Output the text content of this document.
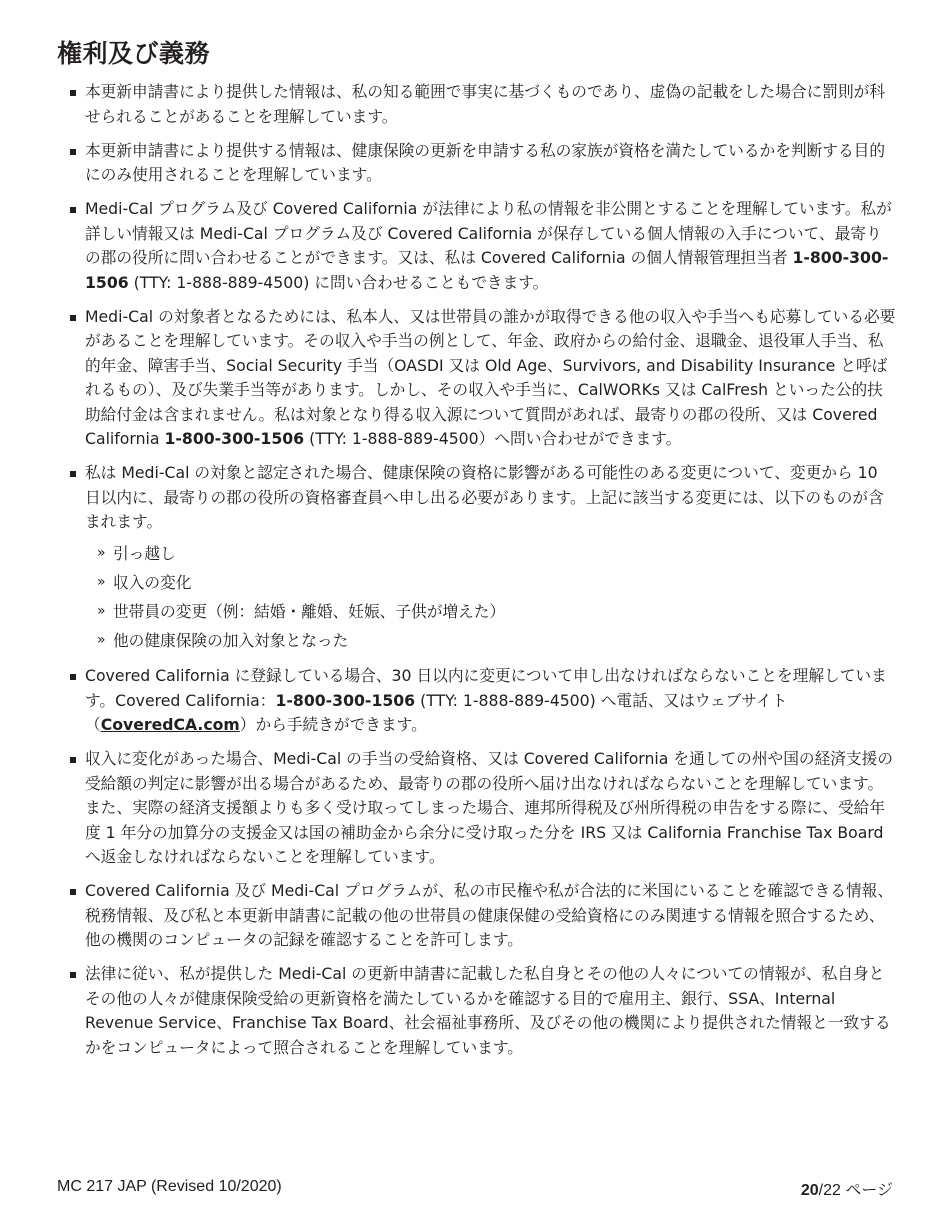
権利及び義務
本更新申請書により提供した情報は、私の知る範囲で事実に基づくものであり、虚偽の記載をした場合に罰則が科せられることがあることを理解しています。
本更新申請書により提供する情報は、健康保険の更新を申請する私の家族が資格を満たしているかを判断する目的にのみ使用されることを理解しています。
Medi-Cal プログラム及び Covered California が法律により私の情報を非公開とすることを理解しています。私が詳しい情報又は Medi-Cal プログラム及び Covered California が保存している個人情報の入手について、最寄りの郡の役所に問い合わせることができます。又は、私は Covered California の個人情報管理担当者 1-800-300-1506 (TTY: 1-888-889-4500) に問い合わせることもできます。
Medi-Cal の対象者となるためには、私本人、又は世帯員の誰かが取得できる他の収入や手当へも応募している必要があることを理解しています。その収入や手当の例として、年金、政府からの給付金、退職金、退役軍人手当、私的年金、障害手当、Social Security 手当（OASDI 又は Old Age、Survivors, and Disability Insurance と呼ばれるもの）、及び失業手当等があります。しかし、その収入や手当に、CalWORKs 又は CalFresh といった公的扶助給付金は含まれません。私は対象となり得る収入源について質問があれば、最寄りの郡の役所、又は Covered California 1-800-300-1506 (TTY: 1-888-889-4500）へ問い合わせができます。
私は Medi-Cal の対象と認定された場合、健康保険の資格に影響がある可能性のある変更について、変更から 10 日以内に、最寄りの郡の役所の資格審査員へ申し出る必要があります。上記に該当する変更には、以下のものが含まれます。
» 引っ越し
» 収入の変化
» 世帯員の変更（例：結婚・離婚、妊娠、子供が増えた）
» 他の健康保険の加入対象となった
Covered California に登録している場合、30 日以内に変更について申し出なければならないことを理解しています。Covered California：1-800-300-1506 (TTY: 1-888-889-4500) へ電話、又はウェブサイト（CoveredCA.com）から手続きができます。
収入に変化があった場合、Medi-Cal の手当の受給資格、又は Covered California を通しての州や国の経済支援の受給額の判定に影響が出る場合があるため、最寄りの郡の役所へ届け出なければならないことを理解しています。また、実際の経済支援額よりも多く受け取ってしまった場合、連邦所得税及び州所得税の申告をする際に、受給年度 1 年分の加算分の支援金又は国の補助金から余分に受け取った分を IRS 又は California Franchise Tax Board へ返金しなければならないことを理解しています。
Covered California 及び Medi-Cal プログラムが、私の市民権や私が合法的に米国にいることを確認できる情報、税務情報、及び私と本更新申請書に記載の他の世帯員の健康保健の受給資格にのみ関連する情報を照合するため、他の機関のコンピュータの記録を確認することを許可します。
法律に従い、私が提供した Medi-Cal の更新申請書に記載した私自身とその他の人々についての情報が、私自身とその他の人々が健康保険受給の更新資格を満たしているかを確認する目的で雇用主、銀行、SSA、Internal Revenue Service、Franchise Tax Board、社会福祉事務所、及びその他の機関により提供された情報と一致するかをコンピュータによって照合されることを理解しています。
MC 217 JAP (Revised 10/2020)	20/22 ページ
